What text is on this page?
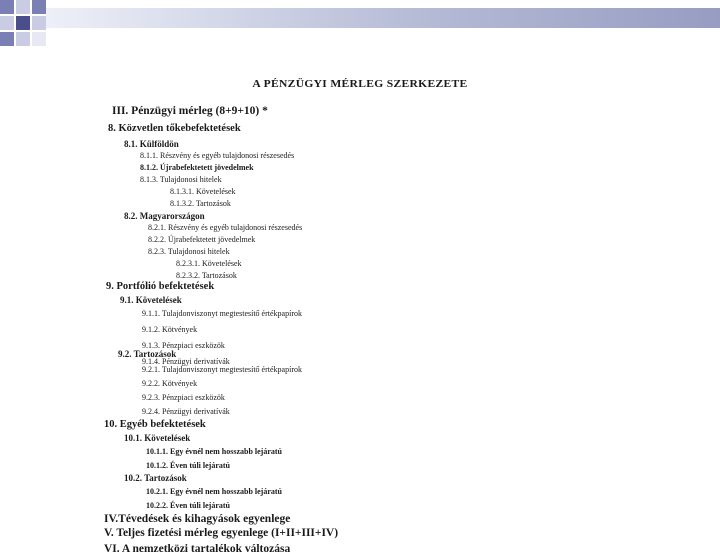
A PÉNZÜGYI MÉRLEG SZERKEZETE
III. Pénzügyi mérleg (8+9+10) *
8. Közvetlen tőkebefektetések
8.1. Külföldön
8.1.1. Részvény és egyéb tulajdonosi részesedés
8.1.2. Újrabefektetett jövedelmek
8.1.3. Tulajdonosi hitelek
8.1.3.1. Követelések
8.1.3.2. Tartozások
8.2. Magyarországon
8.2.1. Részvény és egyéb tulajdonosi részesedés
8.2.2. Újrabefektetett jövedelmek
8.2.3. Tulajdonosi hitelek
8.2.3.1. Követelések
8.2.3.2. Tartozások
9. Portfólió befektetések
9.1. Követelések
9.1.1. Tulajdonviszonyt megtestesítő értékpapírok
9.1.2. Kötvények
9.1.3. Pénzpiaci eszközök
9.1.4. Pénzügyi derivatívák
9.2. Tartozások
9.2.1. Tulajdonviszonyt megtestesítő értékpapírok
9.2.2. Kötvények
9.2.3. Pénzpiaci eszközök
9.2.4. Pénzügyi derivatívák
10. Egyéb befektetések
10.1. Követelések
10.1.1. Egy évnél nem hosszabb lejáratú
10.1.2. Éven túli lejáratú
10.2. Tartozások
10.2.1. Egy évnél nem hosszabb lejáratú
10.2.2. Éven túli lejáratú
IV.Tévedések és kihagyások egyenlege
V. Teljes fizetési mérleg egyenlege (I+II+III+IV)
VI. A nemzetközi tartalékok változása
